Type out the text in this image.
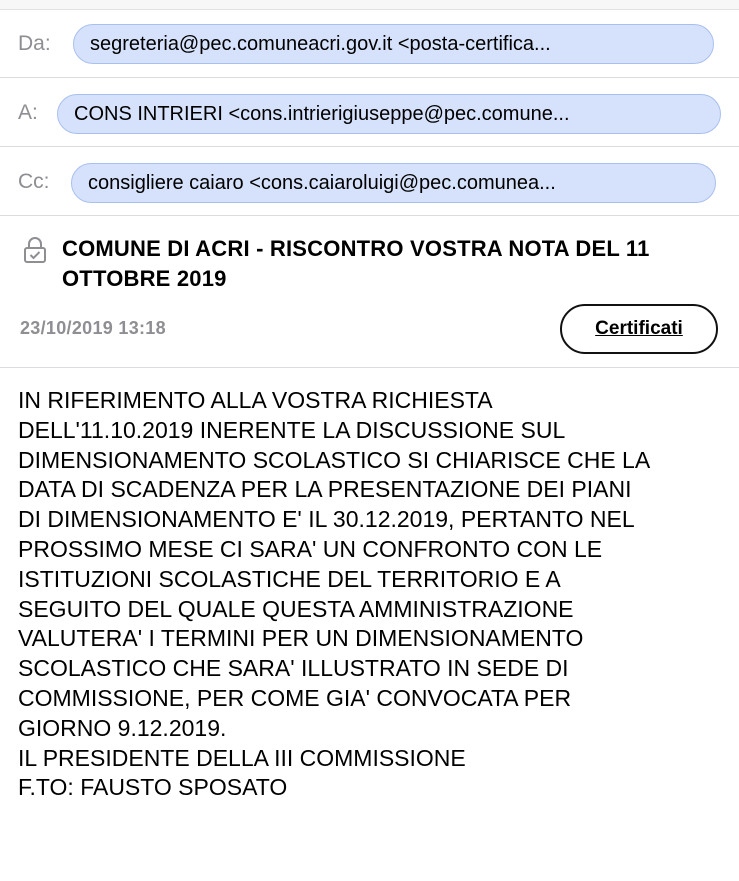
Da: segreteria@pec.comuneacri.gov.it <posta-certifica...
A: CONS INTRIERI <cons.intrierigiuseppe@pec.comune...
Cc: consigliere caiaro <cons.caiaroluigi@pec.comunea...
COMUNE DI ACRI - RISCONTRO VOSTRA NOTA DEL 11 OTTOBRE 2019
23/10/2019 13:18	Certificati
IN RIFERIMENTO ALLA VOSTRA RICHIESTA
DELL'11.10.2019 INERENTE LA DISCUSSIONE SUL
DIMENSIONAMENTO SCOLASTICO SI CHIARISCE CHE LA
DATA DI SCADENZA PER LA PRESENTAZIONE DEI PIANI
DI DIMENSIONAMENTO E' IL 30.12.2019, PERTANTO NEL
PROSSIMO MESE CI SARA' UN CONFRONTO CON LE
ISTITUZIONI SCOLASTICHE DEL TERRITORIO E A
SEGUITO DEL QUALE QUESTA AMMINISTRAZIONE
VALUTERA' I TERMINI PER UN DIMENSIONAMENTO
SCOLASTICO CHE SARA' ILLUSTRATO IN SEDE DI
COMMISSIONE, PER COME GIA' CONVOCATA PER
GIORNO 9.12.2019.
IL PRESIDENTE DELLA III COMMISSIONE
F.TO: FAUSTO SPOSATO
